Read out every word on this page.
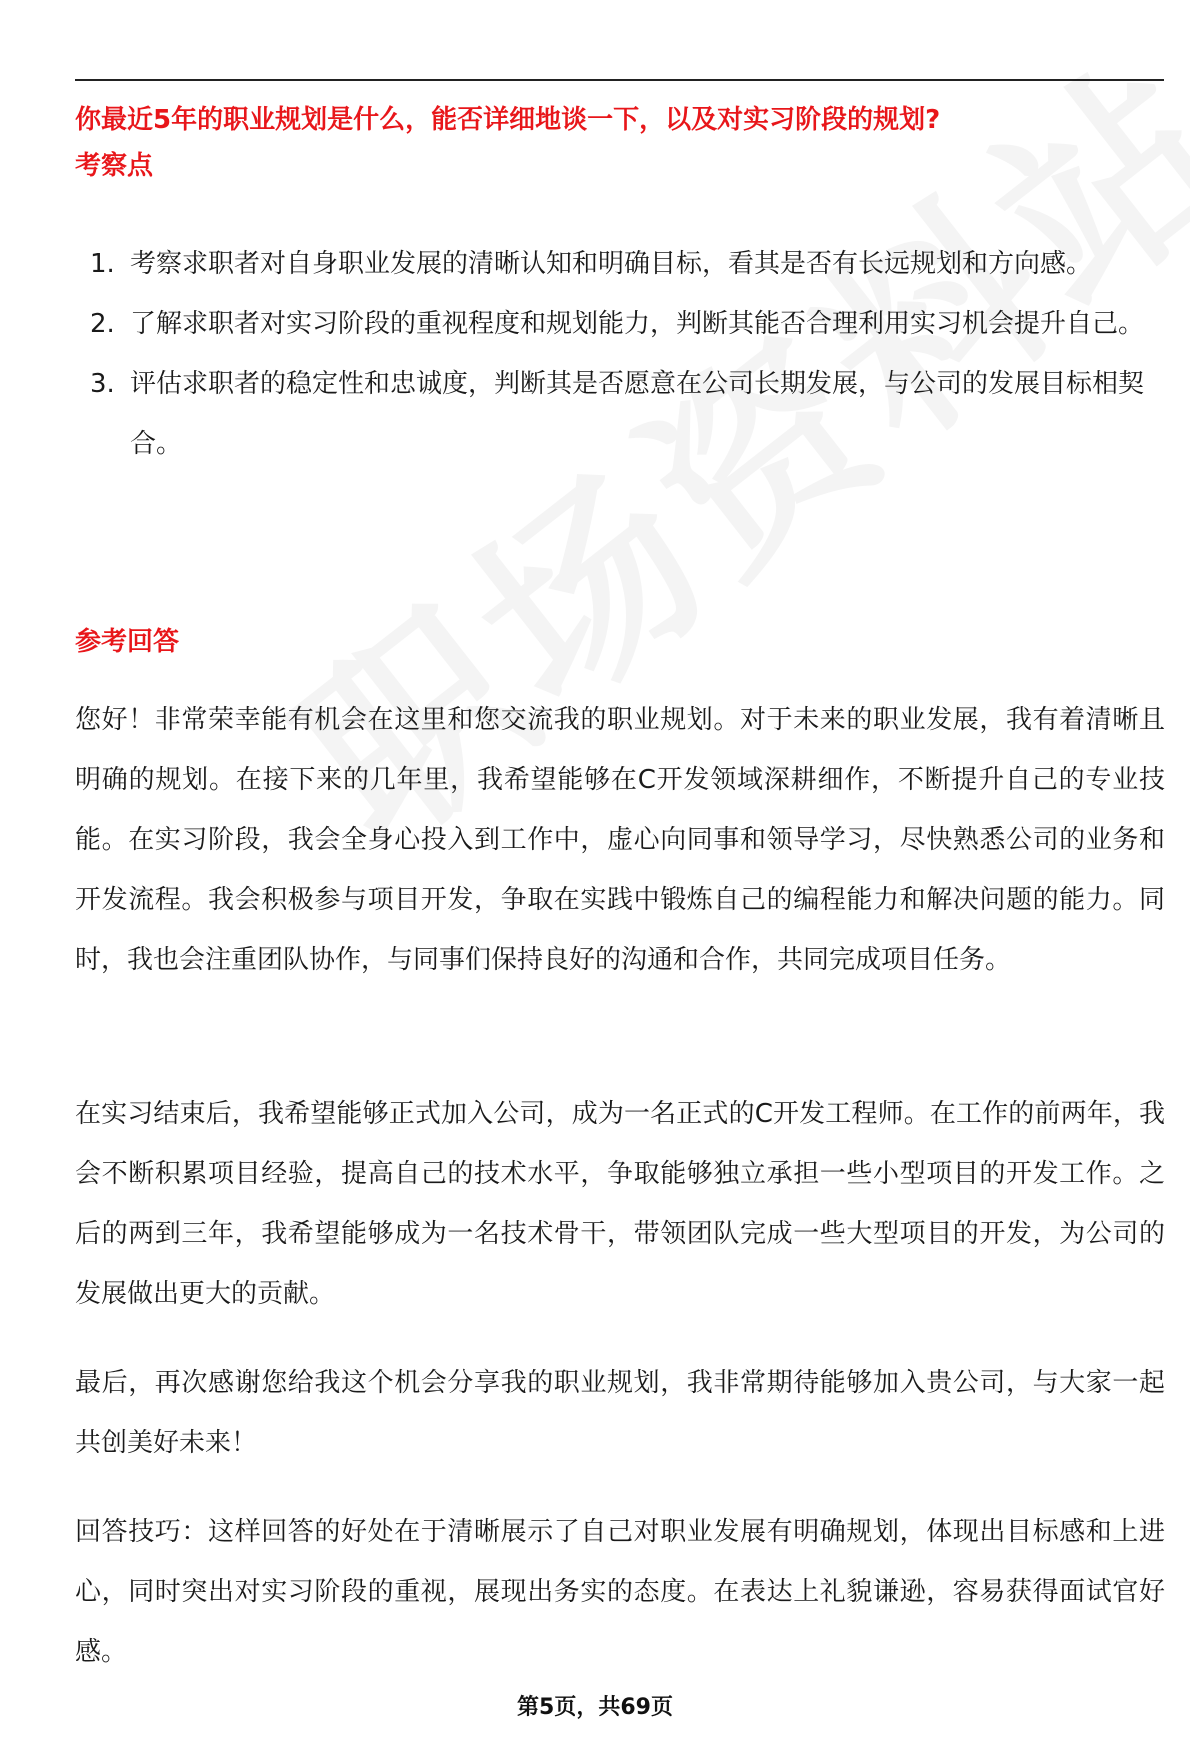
你最近5年的职业规划是什么，能否详细地谈一下，以及对实习阶段的规划?
考察点
1. 考察求职者对自身职业发展的清晰认知和明确目标，看其是否有长远规划和方向感。
2. 了解求职者对实习阶段的重视程度和规划能力，判断其能否合理利用实习机会提升自己。
3. 评估求职者的稳定性和忠诚度，判断其是否愿意在公司长期发展，与公司的发展目标相契合。
参考回答

您好！非常荣幸能有机会在这里和您交流我的职业规划。对于未来的职业发展，我有着清晰且明确的规划。在接下来的几年里，我希望能够在C开发领域深耕细作，不断提升自己的专业技能。在实习阶段，我会全身心投入到工作中，虚心向同事和领导学习，尽快熟悉公司的业务和开发流程。我会积极参与项目开发，争取在实践中锻炼自己的编程能力和解决问题的能力。同时，我也会注重团队协作，与同事们保持良好的沟通和合作，共同完成项目任务。

在实习结束后，我希望能够正式加入公司，成为一名正式的C开发工程师。在工作的前两年，我会不断积累项目经验，提高自己的技术水平，争取能够独立承担一些小型项目的开发工作。之后的两到三年，我希望能够成为一名技术骨干，带领团队完成一些大型项目的开发，为公司的发展做出更大的贡献。

最后，再次感谢您给我这个机会分享我的职业规划，我非常期待能够加入贵公司，与大家一起共创美好未来！

回答技巧：这样回答的好处在于清晰展示了自己对职业发展有明确规划，体现出目标感和上进心，同时突出对实习阶段的重视，展现出务实的态度。在表达上礼貌谦逊，容易获得面试官好感。

第5页，共69页
